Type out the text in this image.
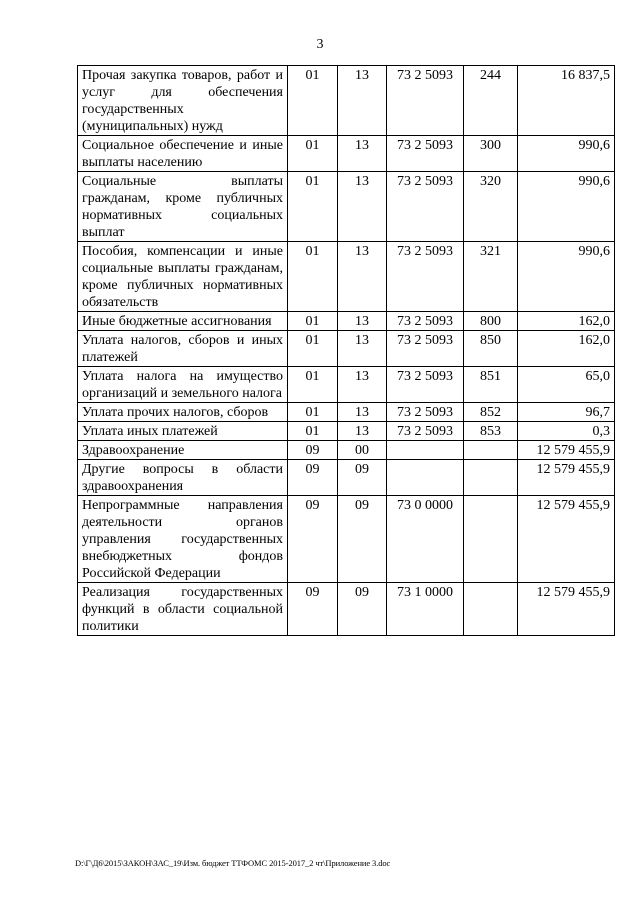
3
Прочая закупка товаров, работ и услуг для обеспечения государственных (муниципальных) нужд	01	13	73 2 5093	244	16 837,5
Социальное обеспечение и иные выплаты населению	01	13	73 2 5093	300	990,6
Социальные выплаты гражданам, кроме публичных нормативных социальных выплат	01	13	73 2 5093	320	990,6
Пособия, компенсации и иные социальные выплаты гражданам, кроме публичных нормативных обязательств	01	13	73 2 5093	321	990,6
Иные бюджетные ассигнования	01	13	73 2 5093	800	162,0
Уплата налогов, сборов и иных платежей	01	13	73 2 5093	850	162,0
Уплата налога на имущество организаций и земельного налога	01	13	73 2 5093	851	65,0
Уплата прочих налогов, сборов	01	13	73 2 5093	852	96,7
Уплата иных платежей	01	13	73 2 5093	853	0,3
Здравоохранение	09	00			12 579 455,9
Другие вопросы в области здравоохранения	09	09			12 579 455,9
Непрограммные направления деятельности органов управления государственных внебюджетных фондов Российской Федерации	09	09	73 0 0000		12 579 455,9
Реализация государственных функций в области социальной политики	09	09	73 1 0000		12 579 455,9
D:\Г\Д6\2015\ЗАКОН\ЗАС_19\Изм. бюджет ТТФОМС 2015-2017_2 чт\Приложение 3.doc
